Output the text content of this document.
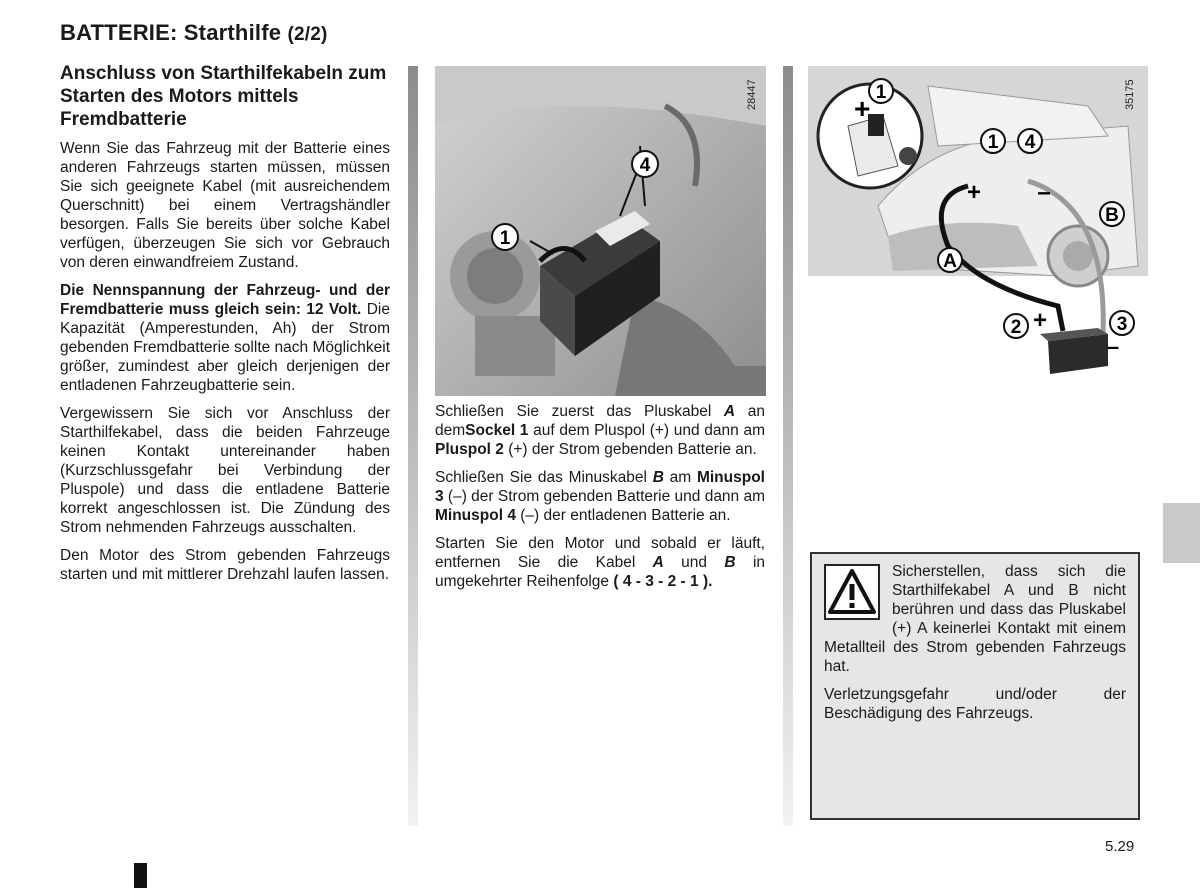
BATTERIE: Starthilfe (2/2)
Anschluss von Starthilfekabeln zum Starten des Motors mittels Fremdbatterie

Wenn Sie das Fahrzeug mit der Batterie eines anderen Fahrzeugs starten müssen, müssen Sie sich geeignete Kabel (mit ausreichendem Querschnitt) bei einem Vertragshändler besorgen. Falls Sie bereits über solche Kabel verfügen, überzeugen Sie sich vor Gebrauch von deren einwandfreiem Zustand.

Die Nennspannung der Fahrzeug- und der Fremdbatterie muss gleich sein: 12 Volt. Die Kapazität (Amperestunden, Ah) der Strom gebenden Fremdbatterie sollte nach Möglichkeit größer, zumindest aber gleich derjenigen der entladenen Fahrzeugbatterie sein.

Vergewissern Sie sich vor Anschluss der Starthilfekabel, dass die beiden Fahrzeuge keinen Kontakt untereinander haben (Kurzschlussgefahr bei Verbindung der Pluspole) und dass die entladene Batterie korrekt angeschlossen ist. Die Zündung des Strom nehmenden Fahrzeugs ausschalten.

Den Motor des Strom gebenden Fahrzeugs starten und mit mittlerer Drehzahl laufen lassen.

4
1
28447

Schließen Sie zuerst das Pluskabel A an demSockel 1 auf dem Pluspol (+) und dann am Pluspol 2 (+) der Strom gebenden Batterie an.

Schließen Sie das Minuskabel B am Minuspol 3 (–) der Strom gebenden Batterie und dann am Minuspol 4 (–) der entladenen Batterie an.

Starten Sie den Motor und sobald er läuft, entfernen Sie die Kabel A und B in umgekehrter Reihenfolge ( 4 - 3 - 2 - 1 ).

+
1
1 4
+ –
B
A
2 +	3
–
35175

Sicherstellen, dass sich die Starthilfekabel A und B nicht berühren und dass das Pluskabel (+) A keinerlei Kontakt mit einem Metallteil des Strom gebenden Fahrzeugs hat.

Verletzungsgefahr und/oder der Beschädigung des Fahrzeugs.

5.29
